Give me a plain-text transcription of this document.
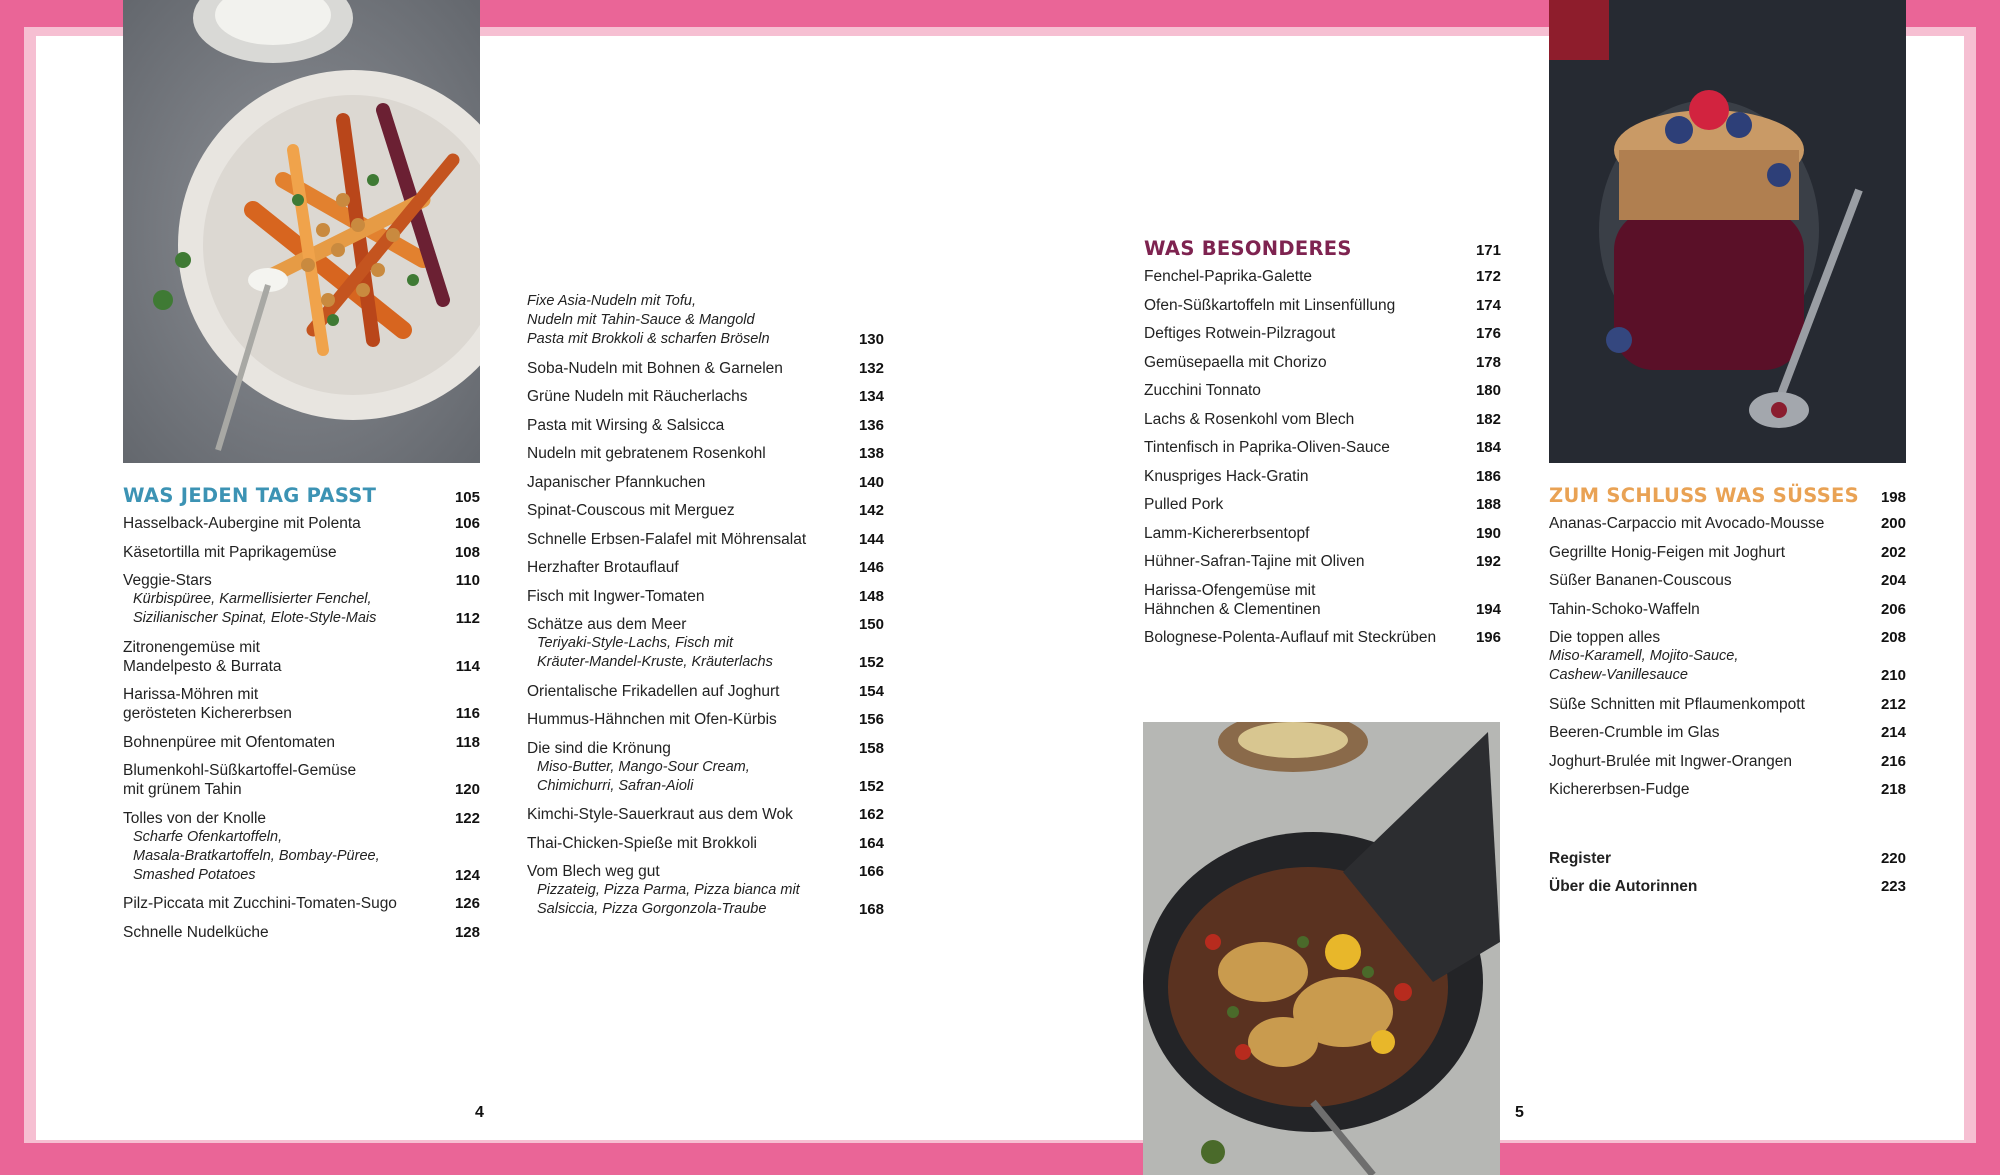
WAS JEDEN TAG PASST	105
Hasselback-Aubergine mit Polenta	106
Käsetortilla mit Paprikagemüse	108
Veggie-Stars	110
Kürbispüree, Karmellisierter Fenchel,
Sizilianischer Spinat, Elote-Style-Mais	112
Zitronengemüse mit
Mandelpesto & Burrata	114
Harissa-Möhren mit
gerösteten Kichererbsen	116
Bohnenpüree mit Ofentomaten	118
Blumenkohl-Süßkartoffel-Gemüse
mit grünem Tahin	120
Tolles von der Knolle	122
Scharfe Ofenkartoffeln,
Masala-Bratkartoffeln, Bombay-Püree,
Smashed Potatoes	124
Pilz-Piccata mit Zucchini-Tomaten-Sugo	126
Schnelle Nudelküche	128
Fixe Asia-Nudeln mit Tofu,
Nudeln mit Tahin-Sauce & Mangold
Pasta mit Brokkoli & scharfen Bröseln	130
Soba-Nudeln mit Bohnen & Garnelen	132
Grüne Nudeln mit Räucherlachs	134
Pasta mit Wirsing & Salsicca	136
Nudeln mit gebratenem Rosenkohl	138
Japanischer Pfannkuchen	140
Spinat-Couscous mit Merguez	142
Schnelle Erbsen-Falafel mit Möhrensalat	144
Herzhafter Brotauflauf	146
Fisch mit Ingwer-Tomaten	148
Schätze aus dem Meer	150
Teriyaki-Style-Lachs, Fisch mit
Kräuter-Mandel-Kruste, Kräuterlachs	152
Orientalische Frikadellen auf Joghurt	154
Hummus-Hähnchen mit Ofen-Kürbis	156
Die sind die Krönung	158
Miso-Butter, Mango-Sour Cream,
Chimichurri, Safran-Aioli	152
Kimchi-Style-Sauerkraut aus dem Wok	162
Thai-Chicken-Spieße mit Brokkoli	164
Vom Blech weg gut	166
Pizzateig, Pizza Parma, Pizza bianca mit
Salsiccia, Pizza Gorgonzola-Traube	168
WAS BESONDERES	171
Fenchel-Paprika-Galette	172
Ofen-Süßkartoffeln mit Linsenfüllung	174
Deftiges Rotwein-Pilzragout	176
Gemüsepaella mit Chorizo	178
Zucchini Tonnato	180
Lachs & Rosenkohl vom Blech	182
Tintenfisch in Paprika-Oliven-Sauce	184
Knuspriges Hack-Gratin	186
Pulled Pork	188
Lamm-Kichererbsentopf	190
Hühner-Safran-Tajine mit Oliven	192
Harissa-Ofengemüse mit
Hähnchen & Clementinen	194
Bolognese-Polenta-Auflauf mit Steckrüben	196
ZUM SCHLUSS WAS SÜSSES 198
Ananas-Carpaccio mit Avocado-Mousse	200
Gegrillte Honig-Feigen mit Joghurt	202
Süßer Bananen-Couscous	204
Tahin-Schoko-Waffeln	206
Die toppen alles	208
Miso-Karamell, Mojito-Sauce,
Cashew-Vanillesauce	210
Süße Schnitten mit Pflaumenkompott	212
Beeren-Crumble im Glas	214
Joghurt-Brulée mit Ingwer-Orangen	216
Kichererbsen-Fudge	218
Register	220
Über die Autorinnen	223
4	5
